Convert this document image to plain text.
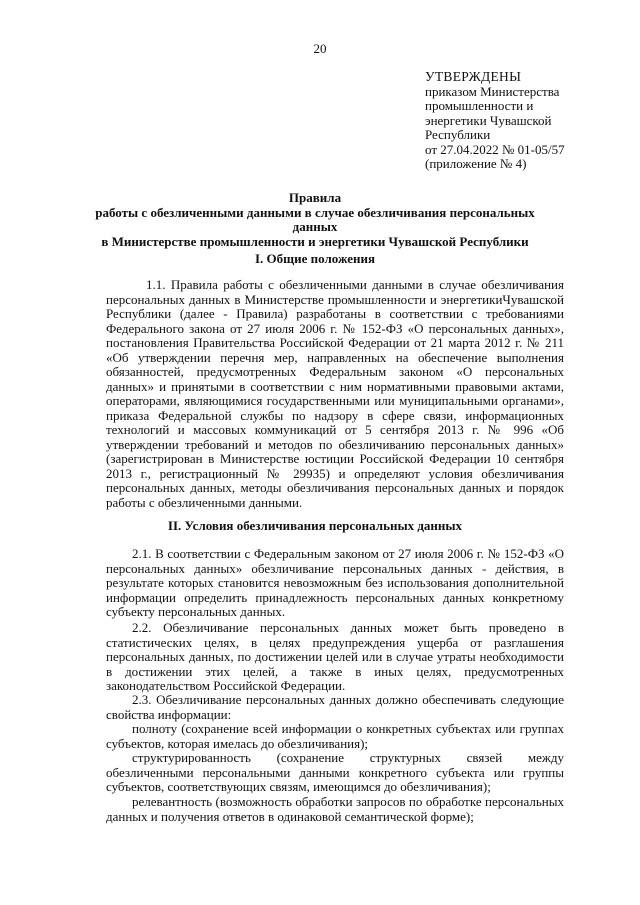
20
УТВЕРЖДЕНЫ
приказом Министерства
промышленности и
энергетики Чувашской
Республики
от 27.04.2022 № 01-05/57
(приложение № 4)
Правила
работы с обезличенными данными в случае обезличивания персональных данных
в Министерстве промышленности и энергетики Чувашской Республики
I. Общие положения
1.1. Правила работы с обезличенными данными в случае обезличивания персональных данных в Министерстве промышленности и энергетикиЧувашской Республики (далее - Правила) разработаны в соответствии с требованиями Федерального закона от 27 июля 2006 г. № 152-ФЗ «О персональных данных», постановления Правительства Российской Федерации от 21 марта 2012 г. № 211 «Об утверждении перечня мер, направленных на обеспечение выполнения обязанностей, предусмотренных Федеральным законом «О персональных данных» и принятыми в соответствии с ним нормативными правовыми актами, операторами, являющимися государственными или муниципальными органами», приказа Федеральной службы по надзору в сфере связи, информационных технологий и массовых коммуникаций от 5 сентября 2013 г. № 996 «Об утверждении требований и методов по обезличиванию персональных данных» (зарегистрирован в Министерстве юстиции Российской Федерации 10 сентября 2013 г., регистрационный № 29935) и определяют условия обезличивания персональных данных, методы обезличивания персональных данных и порядок работы с обезличенными данными.
II. Условия обезличивания персональных данных
2.1. В соответствии с Федеральным законом от 27 июля 2006 г. № 152-ФЗ «О персональных данных» обезличивание персональных данных - действия, в результате которых становится невозможным без использования дополнительной информации определить принадлежность персональных данных конкретному субъекту персональных данных.
2.2. Обезличивание персональных данных может быть проведено в статистических целях, в целях предупреждения ущерба от разглашения персональных данных, по достижении целей или в случае утраты необходимости в достижении этих целей, а также в иных целях, предусмотренных законодательством Российской Федерации.
2.3. Обезличивание персональных данных должно обеспечивать следующие свойства информации:
полноту (сохранение всей информации о конкретных субъектах или группах субъектов, которая имелась до обезличивания);
структурированность (сохранение структурных связей между обезличенными персональными данными конкретного субъекта или группы субъектов, соответствующих связям, имеющимся до обезличивания);
релевантность (возможность обработки запросов по обработке персональных данных и получения ответов в одинаковой семантической форме);
